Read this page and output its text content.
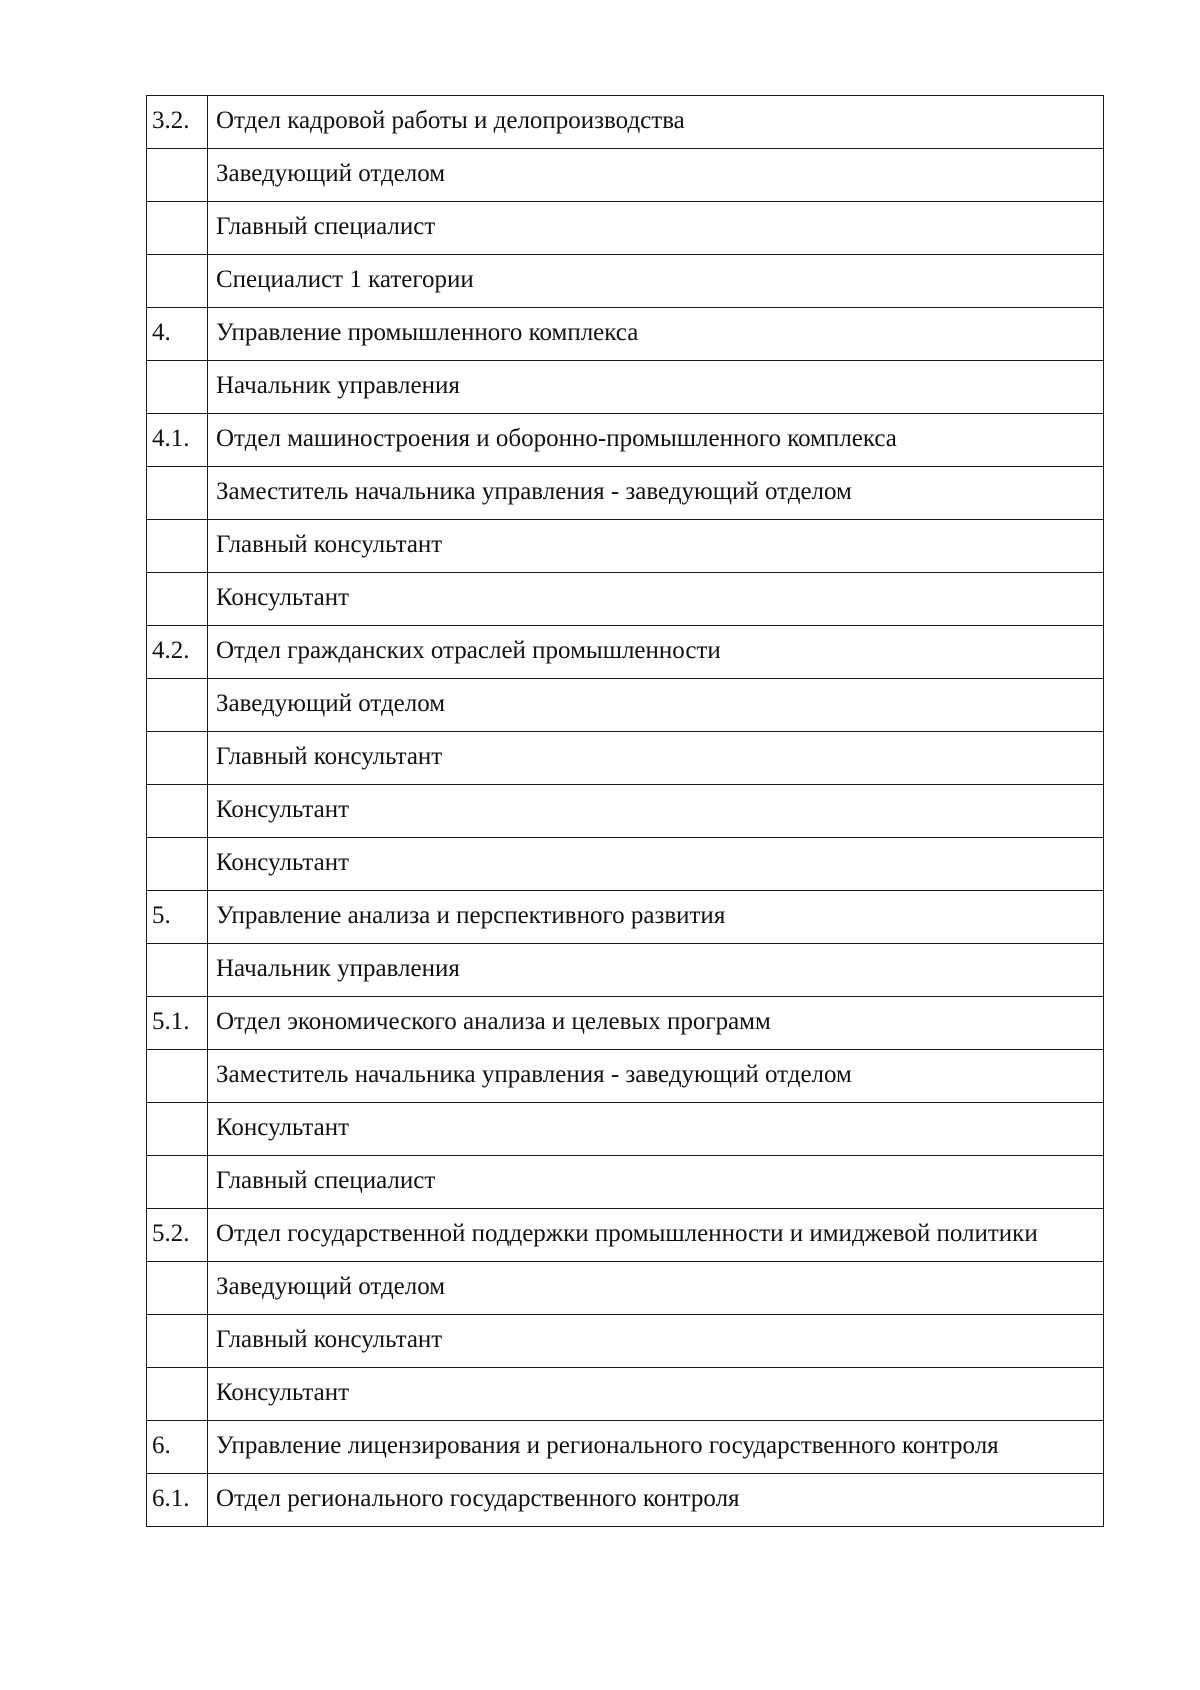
3.2.	Отдел кадровой работы и делопроизводства
	Заведующий отделом
	Главный специалист
	Специалист 1 категории
4.	Управление промышленного комплекса
	Начальник управления
4.1.	Отдел машиностроения и оборонно-промышленного комплекса
	Заместитель начальника управления - заведующий отделом
	Главный консультант
	Консультант
4.2.	Отдел гражданских отраслей промышленности
	Заведующий отделом
	Главный консультант
	Консультант
	Консультант
5.	Управление анализа и перспективного развития
	Начальник управления
5.1.	Отдел экономического анализа и целевых программ
	Заместитель начальника управления - заведующий отделом
	Консультант
	Главный специалист
5.2.	Отдел государственной поддержки промышленности и имиджевой политики
	Заведующий отделом
	Главный консультант
	Консультант
6.	Управление лицензирования и регионального государственного контроля
6.1.	Отдел регионального государственного контроля
